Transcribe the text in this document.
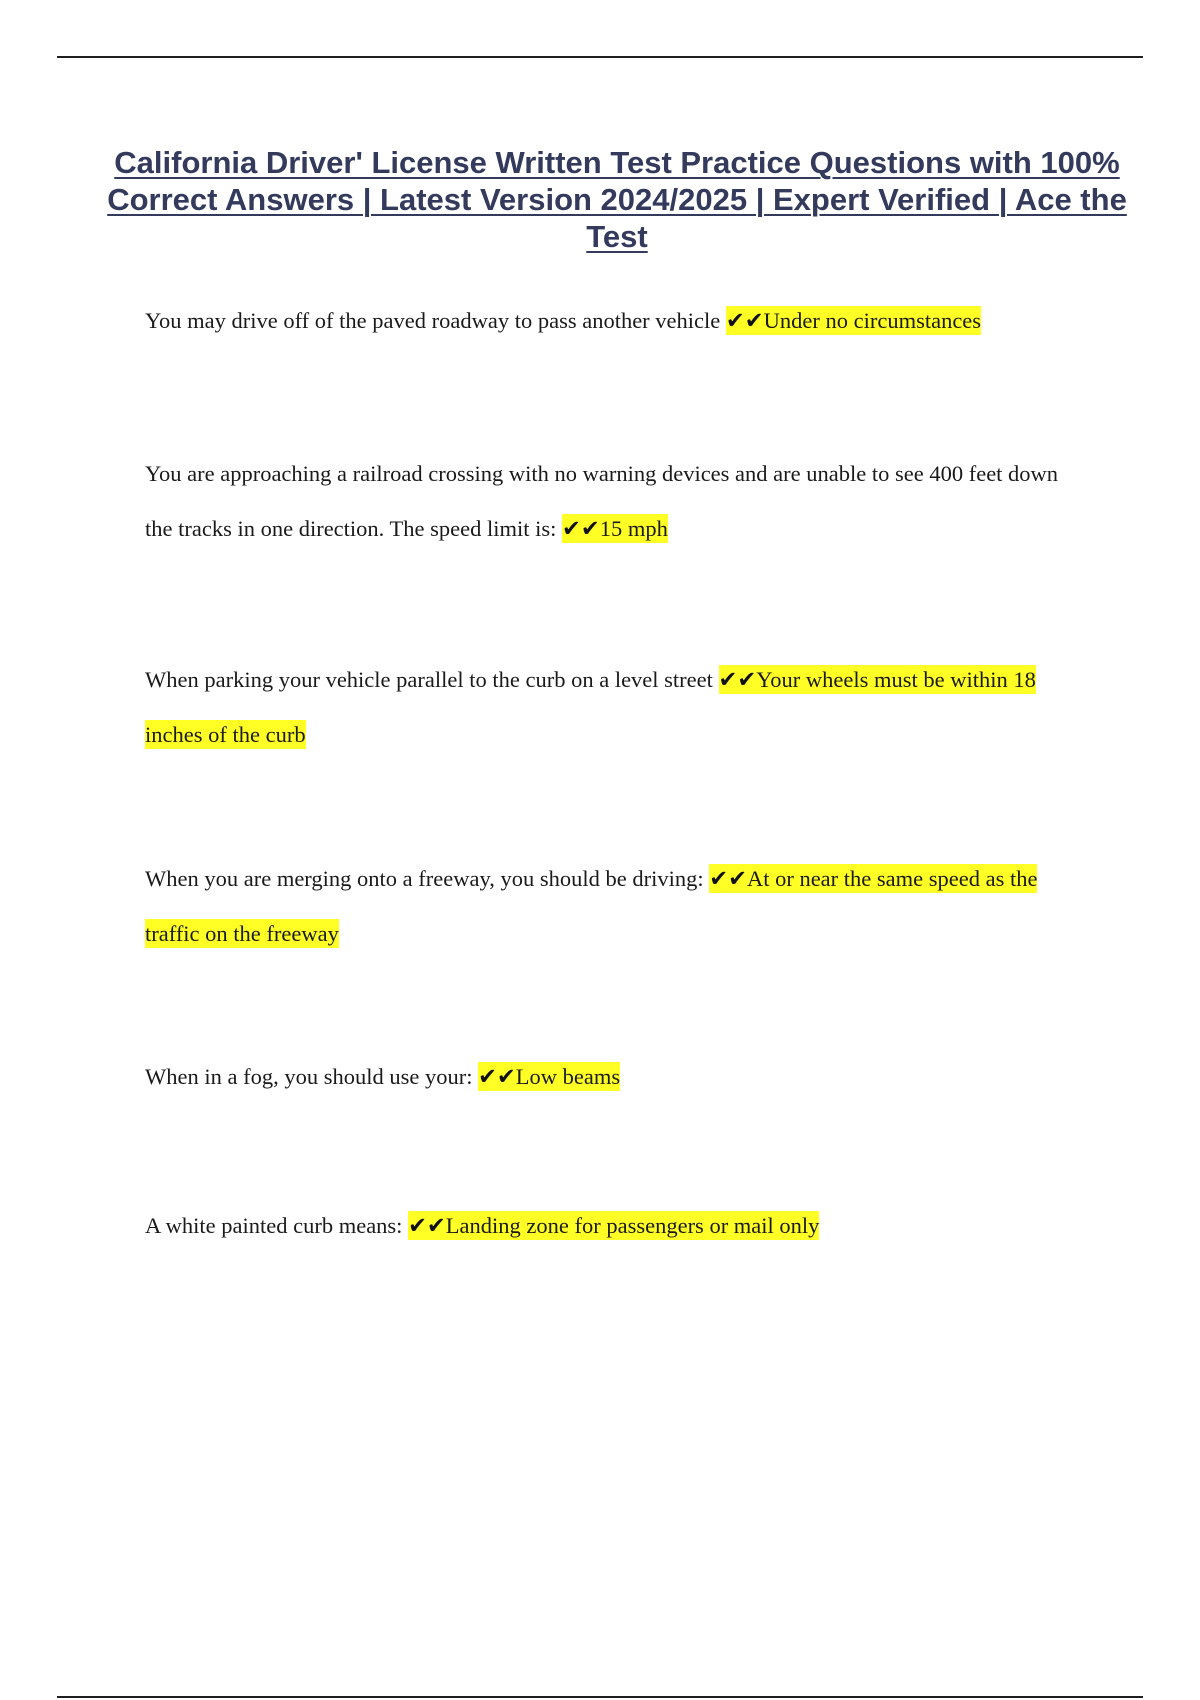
California Driver' License Written Test Practice Questions with 100% Correct Answers | Latest Version 2024/2025 | Expert Verified | Ace the Test

You may drive off of the paved roadway to pass another vehicle ✔✔Under no circumstances

You are approaching a railroad crossing with no warning devices and are unable to see 400 feet down the tracks in one direction. The speed limit is: ✔✔15 mph

When parking your vehicle parallel to the curb on a level street ✔✔Your wheels must be within 18 inches of the curb

When you are merging onto a freeway, you should be driving: ✔✔At or near the same speed as the traffic on the freeway

When in a fog, you should use your: ✔✔Low beams

A white painted curb means: ✔✔Landing zone for passengers or mail only
